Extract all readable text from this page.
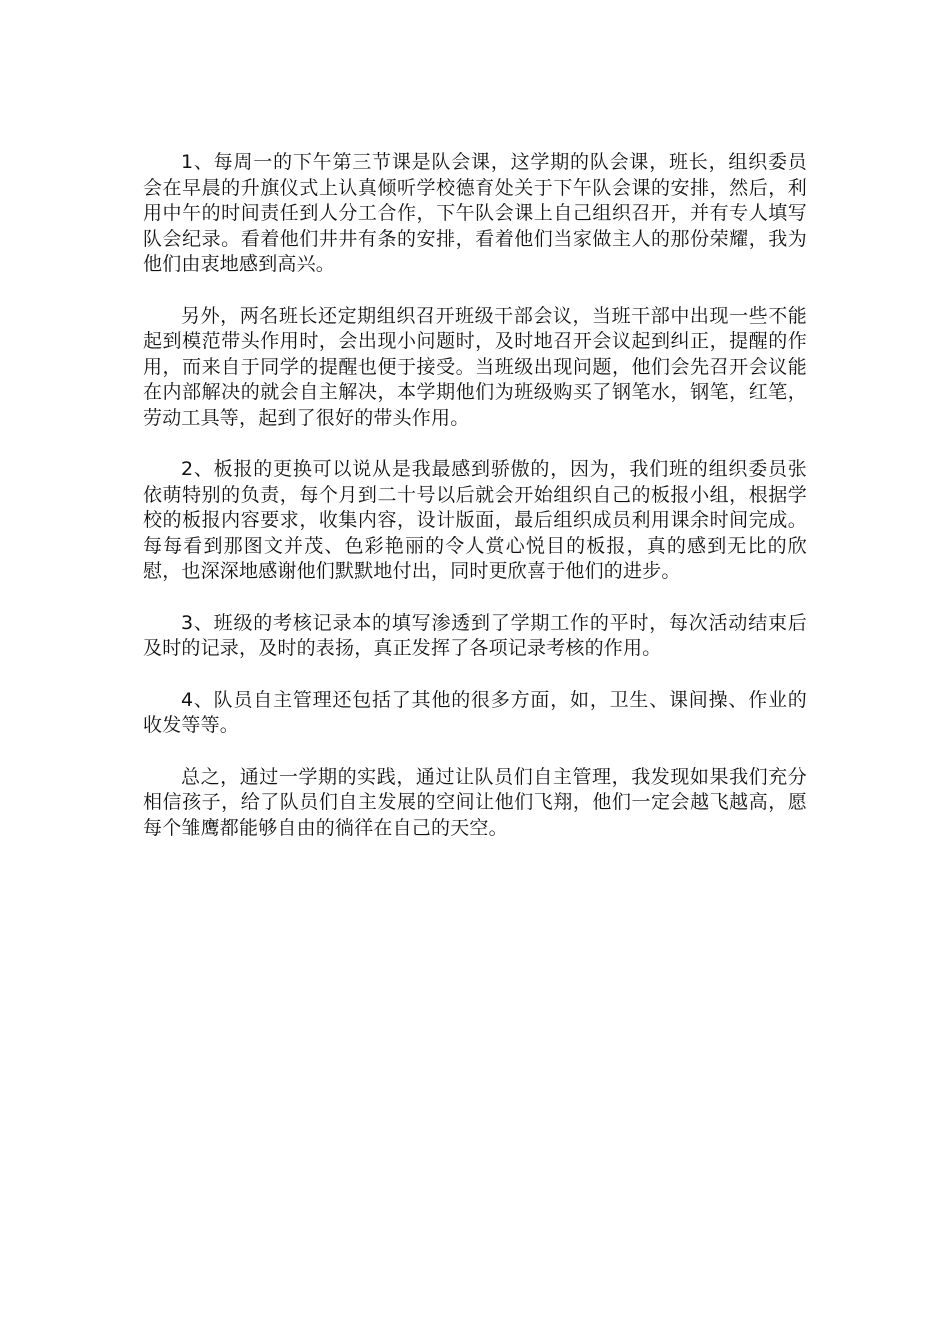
1、每周一的下午第三节课是队会课，这学期的队会课，班长，组织委员会在早晨的升旗仪式上认真倾听学校德育处关于下午队会课的安排，然后，利用中午的时间责任到人分工合作，下午队会课上自己组织召开，并有专人填写队会纪录。看着他们井井有条的安排，看着他们当家做主人的那份荣耀，我为他们由衷地感到高兴。

另外，两名班长还定期组织召开班级干部会议，当班干部中出现一些不能起到模范带头作用时，会出现小问题时，及时地召开会议起到纠正，提醒的作用，而来自于同学的提醒也便于接受。当班级出现问题，他们会先召开会议能在内部解决的就会自主解决，本学期他们为班级购买了钢笔水，钢笔，红笔，劳动工具等，起到了很好的带头作用。

2、板报的更换可以说从是我最感到骄傲的，因为，我们班的组织委员张依萌特别的负责，每个月到二十号以后就会开始组织自己的板报小组，根据学校的板报内容要求，收集内容，设计版面，最后组织成员利用课余时间完成。每每看到那图文并茂、色彩艳丽的令人赏心悦目的板报，真的感到无比的欣慰，也深深地感谢他们默默地付出，同时更欣喜于他们的进步。

3、班级的考核记录本的填写渗透到了学期工作的平时，每次活动结束后及时的记录，及时的表扬，真正发挥了各项记录考核的作用。

4、队员自主管理还包括了其他的很多方面，如，卫生、课间操、作业的收发等等。

总之，通过一学期的实践，通过让队员们自主管理，我发现如果我们充分相信孩子，给了队员们自主发展的空间让他们飞翔，他们一定会越飞越高，愿每个雏鹰都能够自由的徜徉在自己的天空。
